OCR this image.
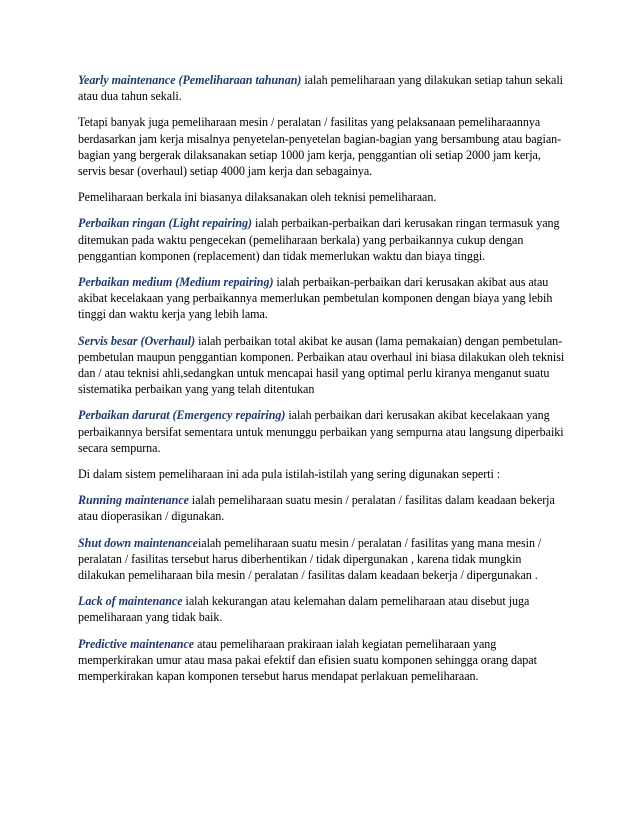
Yearly maintenance (Pemeliharaan tahunan) ialah pemeliharaan yang dilakukan setiap tahun sekali atau dua tahun sekali.

Tetapi banyak juga pemeliharaan mesin / peralatan / fasilitas yang pelaksanaan pemeliharaannya berdasarkan jam kerja misalnya penyetelan-penyetelan bagian-bagian yang bersambung atau bagian-bagian yang bergerak dilaksanakan setiap 1000 jam kerja, penggantian oli setiap 2000 jam kerja, servis besar (overhaul) setiap 4000 jam kerja dan sebagainya.

Pemeliharaan berkala ini biasanya dilaksanakan oleh teknisi pemeliharaan.

Perbaikan ringan (Light repairing) ialah perbaikan-perbaikan dari kerusakan ringan termasuk yang ditemukan pada waktu pengecekan (pemeliharaan berkala) yang perbaikannya cukup dengan penggantian komponen (replacement) dan tidak memerlukan waktu dan biaya tinggi.

Perbaikan medium (Medium repairing) ialah perbaikan-perbaikan dari kerusakan akibat aus atau akibat kecelakaan yang perbaikannya memerlukan pembetulan komponen dengan biaya yang lebih tinggi dan waktu kerja yang lebih lama.

Servis besar (Overhaul) ialah perbaikan total akibat ke ausan (lama pemakaian) dengan pembetulan-pembetulan maupun penggantian komponen. Perbaikan atau overhaul ini biasa dilakukan oleh teknisi dan / atau teknisi ahli,sedangkan untuk mencapai hasil yang optimal perlu kiranya menganut suatu sistematika perbaikan yang yang telah ditentukan

Perbaikan darurat (Emergency repairing) ialah perbaikan dari kerusakan akibat kecelakaan yang perbaikannya bersifat sementara untuk menunggu perbaikan yang sempurna atau langsung diperbaiki secara sempurna.

Di dalam sistem pemeliharaan ini ada pula istilah-istilah yang sering digunakan seperti :

Running maintenance ialah pemeliharaan suatu mesin / peralatan / fasilitas dalam keadaan bekerja atau dioperasikan / digunakan.

Shut down maintenanceialah pemeliharaan suatu mesin / peralatan / fasilitas yang mana mesin / peralatan / fasilitas tersebut harus diberhentikan / tidak dipergunakan , karena tidak mungkin dilakukan pemeliharaan bila mesin / peralatan / fasilitas dalam keadaan bekerja / dipergunakan .

Lack of maintenance ialah kekurangan atau kelemahan dalam pemeliharaan atau disebut juga pemeliharaan yang tidak baik.

Predictive maintenance atau pemeliharaan prakiraan ialah kegiatan pemeliharaan yang memperkirakan umur atau masa pakai efektif dan efisien suatu komponen sehingga orang dapat memperkirakan kapan komponen tersebut harus mendapat perlakuan pemeliharaan.
